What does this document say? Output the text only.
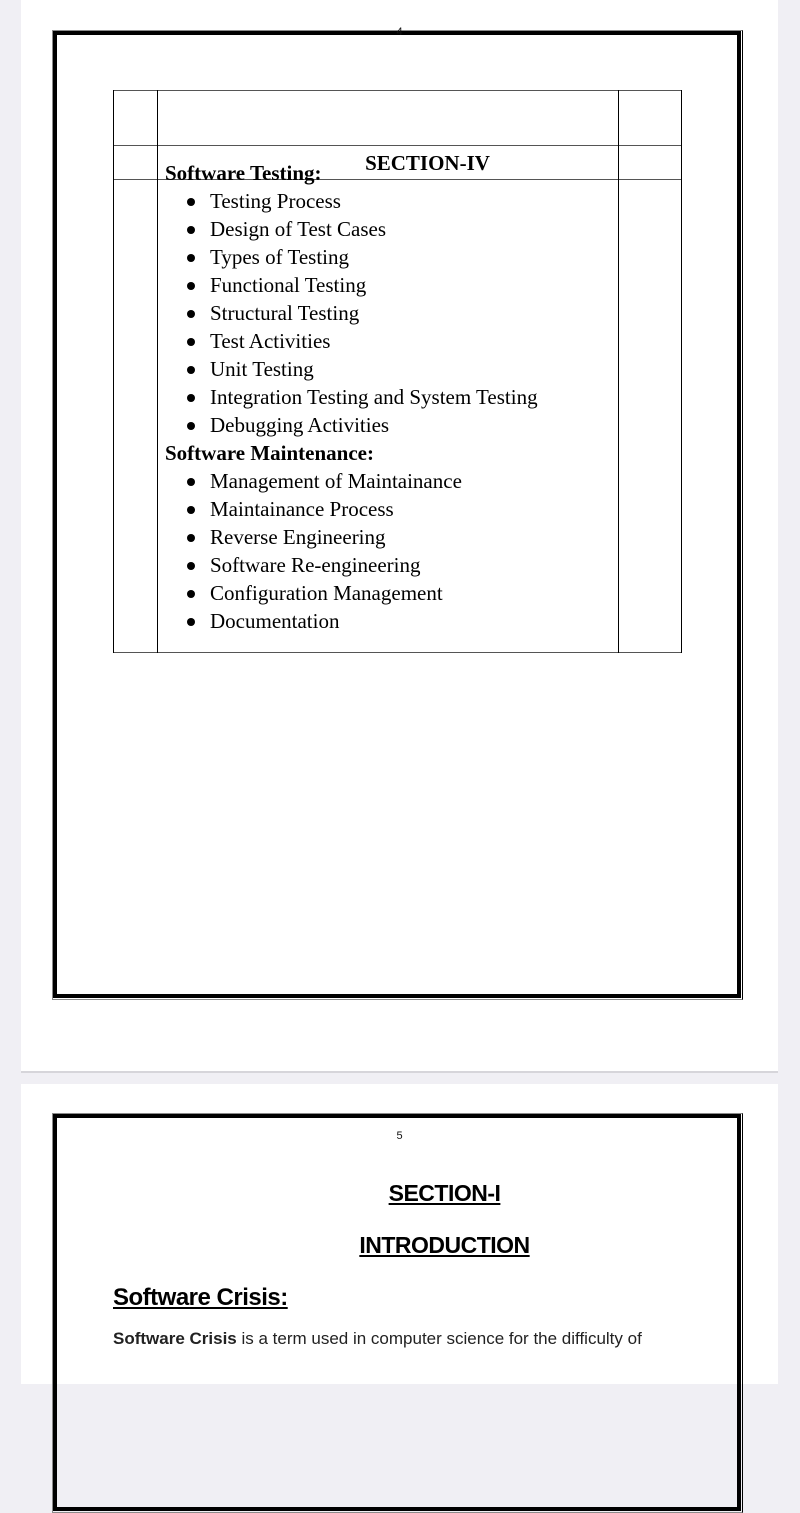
4
SECTION-IV
Software Testing:
Testing Process
Design of Test Cases
Types of Testing
Functional Testing
Structural Testing
Test Activities
Unit Testing
Integration Testing and System Testing
Debugging Activities
Software Maintenance:
Management of Maintainance
Maintainance Process
Reverse Engineering
Software Re-engineering
Configuration Management
Documentation
5
SECTION-I
INTRODUCTION
Software Crisis:
Software Crisis is a term used in computer science for the difficulty of
